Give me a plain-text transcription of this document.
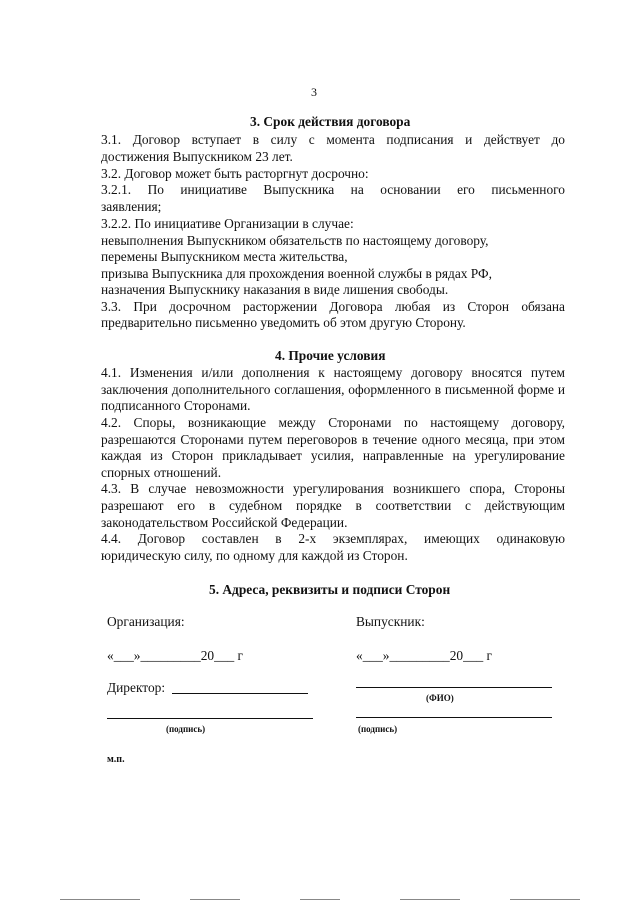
3
3. Срок действия договора
3.1. Договор вступает в силу с момента подписания и действует до
достижения Выпускником 23 лет.
3.2. Договор может быть расторгнут досрочно:
3.2.1. По инициативе Выпускника на основании его письменного
заявления;
3.2.2. По инициативе Организации в случае:
невыполнения Выпускником обязательств по настоящему договору,
перемены Выпускником места жительства,
призыва Выпускника для прохождения военной службы в рядах РФ,
назначения Выпускнику наказания в виде лишения свободы.
3.3. При досрочном расторжении Договора любая из Сторон обязана
предварительно письменно уведомить об этом другую Сторону.
4. Прочие условия
4.1. Изменения и/или дополнения к настоящему договору вносятся путем
заключения дополнительного соглашения, оформленного в письменной форме и
подписанного Сторонами.
4.2. Споры, возникающие между Сторонами по настоящему договору,
разрешаются Сторонами путем переговоров в течение одного месяца, при этом
каждая из Сторон прикладывает усилия, направленные на урегулирование
спорных отношений.
4.3. В случае невозможности урегулирования возникшего спора, Стороны
разрешают его в судебном порядке в соответствии с действующим
законодательством Российской Федерации.
4.4. Договор составлен в 2-х экземплярах, имеющих одинаковую
юридическую силу, по одному для каждой из Сторон.
5. Адреса, реквизиты и подписи Сторон
Организация:	Выпускник:
«___»_________20___ г	«___»_________20___ г
Директор:
(ФИО)
(подпись)	(подпись)
м.п.
